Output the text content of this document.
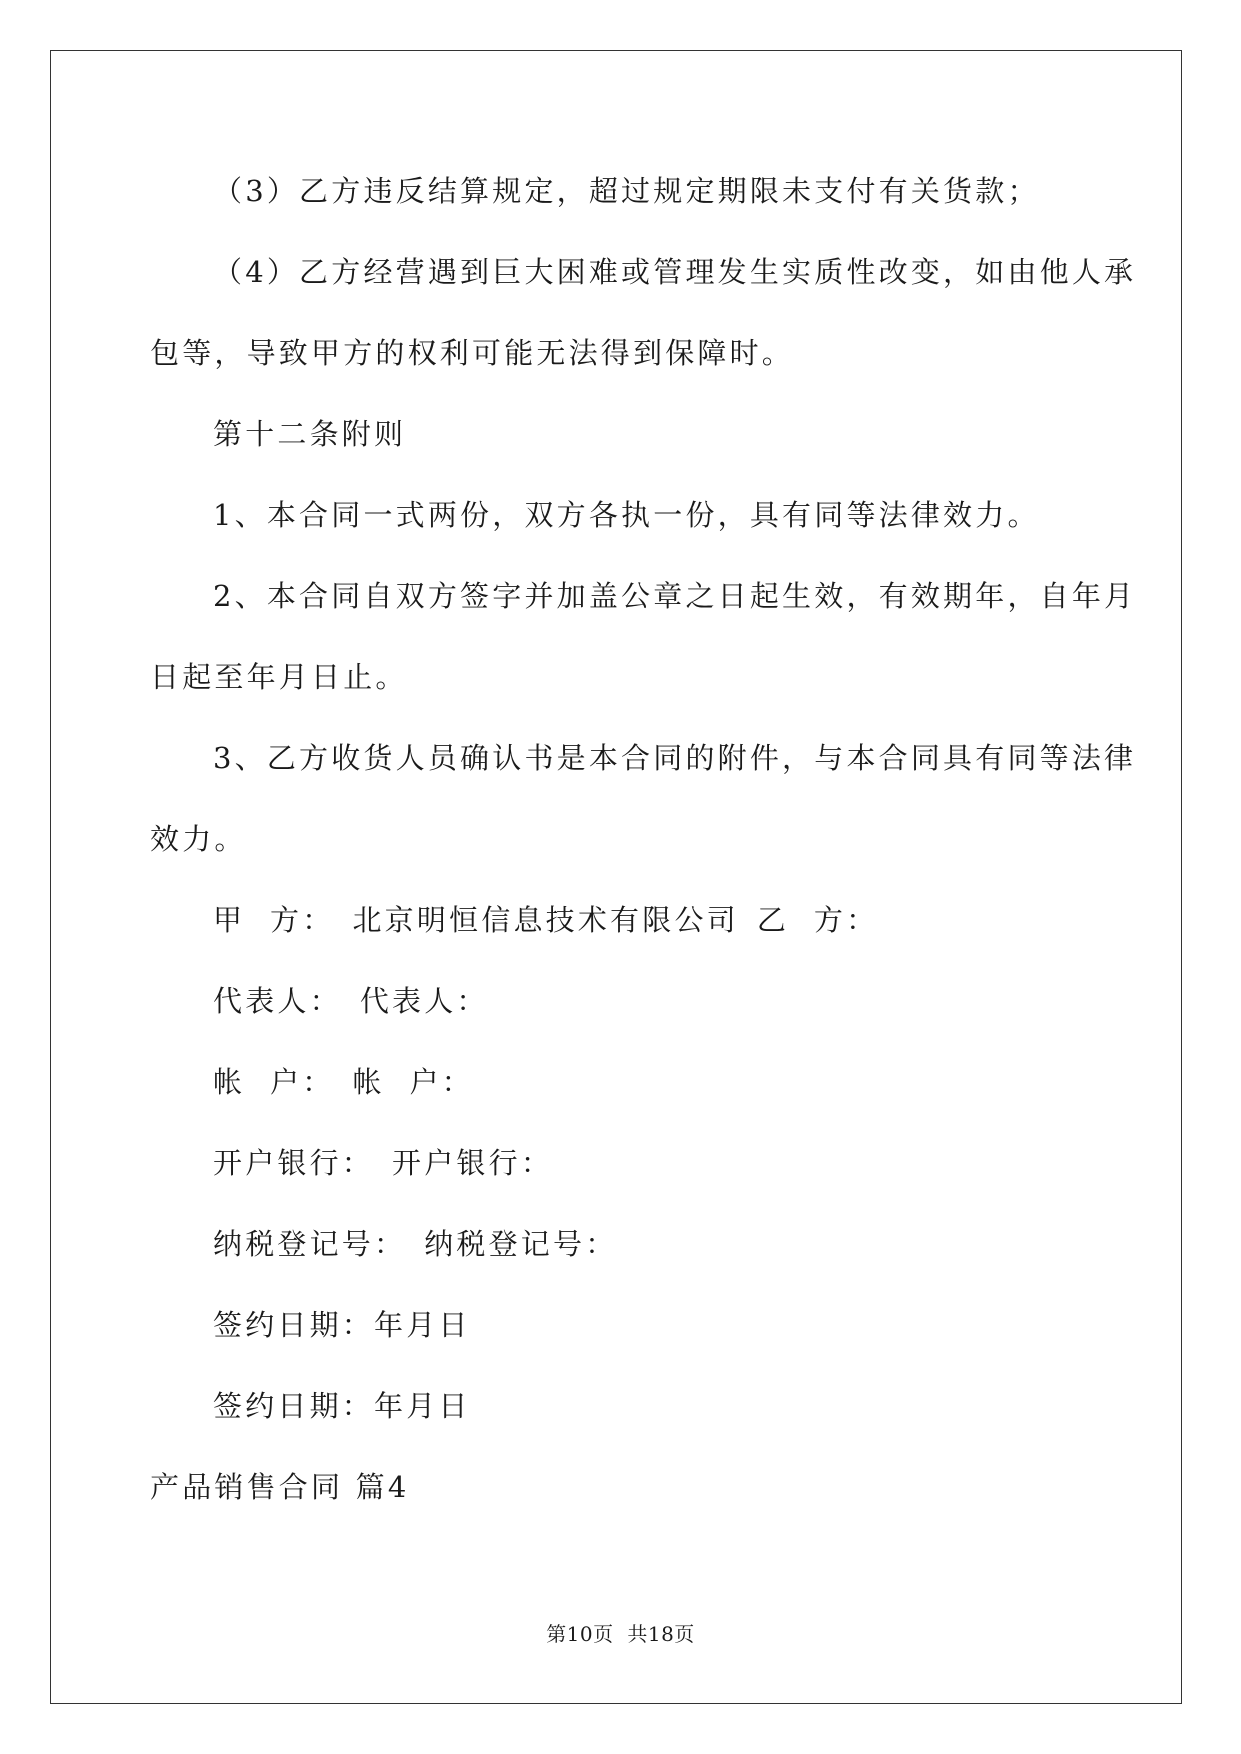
（3）乙方违反结算规定，超过规定期限未支付有关货款；
（4）乙方经营遇到巨大困难或管理发生实质性改变，如由他人承
包等，导致甲方的权利可能无法得到保障时。
第十二条附则
1、本合同一式两份，双方各执一份，具有同等法律效力。
2、本合同自双方签字并加盖公章之日起生效，有效期年，自年月
日起至年月日止。
3、乙方收货人员确认书是本合同的附件，与本合同具有同等法律
效力。
甲  方： 北京明恒信息技术有限公司 乙  方：
代表人： 代表人：
帐  户： 帐  户：
开户银行： 开户银行：
纳税登记号： 纳税登记号：
签约日期：年月日
签约日期：年月日
产品销售合同 篇4
第10页  共18页
